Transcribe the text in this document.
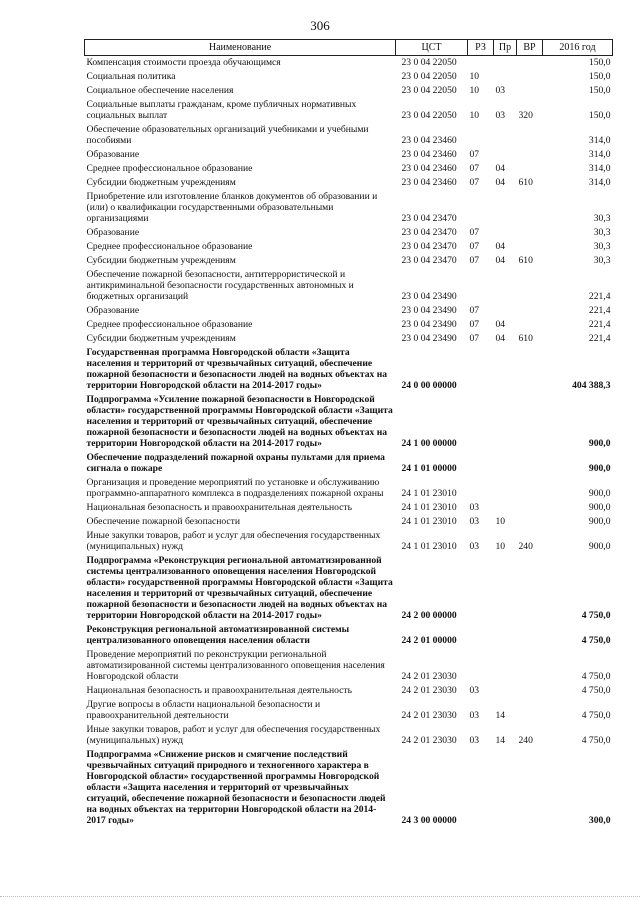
306
Наименование	ЦСТ	РЗ	Пр	ВР	2016 год
Компенсация стоимости проезда обучающимся	23 0 04 22050				150,0
Социальная политика	23 0 04 22050	10			150,0
Социальное обеспечение населения	23 0 04 22050	10	03		150,0
Социальные выплаты гражданам, кроме публичных нормативных социальных выплат	23 0 04 22050	10	03	320	150,0
Обеспечение образовательных организаций учебниками и учебными пособиями	23 0 04 23460				314,0
Образование	23 0 04 23460	07			314,0
Среднее профессиональное образование	23 0 04 23460	07	04		314,0
Субсидии бюджетным учреждениям	23 0 04 23460	07	04	610	314,0
Приобретение или изготовление бланков документов об образовании и (или) о квалификации государственными образовательными организациями	23 0 04 23470				30,3
Образование	23 0 04 23470	07			30,3
Среднее профессиональное образование	23 0 04 23470	07	04		30,3
Субсидии бюджетным учреждениям	23 0 04 23470	07	04	610	30,3
Обеспечение пожарной безопасности, антитеррористической и антикриминальной безопасности государственных автономных и бюджетных организаций	23 0 04 23490				221,4
Образование	23 0 04 23490	07			221,4
Среднее профессиональное образование	23 0 04 23490	07	04		221,4
Субсидии бюджетным учреждениям	23 0 04 23490	07	04	610	221,4
Государственная программа Новгородской области «Защита населения и территорий от чрезвычайных ситуаций, обеспечение пожарной безопасности и безопасности людей на водных объектах на территории Новгородской области на 2014-2017 годы»	24 0 00 00000				404 388,3
Подпрограмма «Усиление пожарной безопасности в Новгородской области» государственной программы Новгородской области «Защита населения и территорий от чрезвычайных ситуаций, обеспечение пожарной безопасности и безопасности людей на водных объектах на территории Новгородской области на 2014-2017 годы»	24 1 00 00000				900,0
Обеспечение подразделений пожарной охраны пультами для приема сигнала о пожаре	24 1 01 00000				900,0
Организация и проведение мероприятий по установке и обслуживанию программно-аппаратного комплекса в подразделениях пожарной охраны	24 1 01 23010				900,0
Национальная безопасность и правоохранительная деятельность	24 1 01 23010	03			900,0
Обеспечение пожарной безопасности	24 1 01 23010	03	10		900,0
Иные закупки товаров, работ и услуг для обеспечения государственных (муниципальных) нужд	24 1 01 23010	03	10	240	900,0
Подпрограмма «Реконструкция региональной автоматизированной системы централизованного оповещения населения Новгородской области» государственной программы Новгородской области «Защита населения и территорий от чрезвычайных ситуаций, обеспечение пожарной безопасности и безопасности людей на водных объектах на территории Новгородской области на 2014-2017 годы»	24 2 00 00000				4 750,0
Реконструкция региональной автоматизированной системы централизованного оповещения населения области	24 2 01 00000				4 750,0
Проведение мероприятий по реконструкции региональной автоматизированной системы централизованного оповещения населения Новгородской области	24 2 01 23030				4 750,0
Национальная безопасность и правоохранительная деятельность	24 2 01 23030	03			4 750,0
Другие вопросы в области национальной безопасности и правоохранительной деятельности	24 2 01 23030	03	14		4 750,0
Иные закупки товаров, работ и услуг для обеспечения государственных (муниципальных) нужд	24 2 01 23030	03	14	240	4 750,0
Подпрограмма «Снижение рисков и смягчение последствий чрезвычайных ситуаций природного и техногенного характера в Новгородской области» государственной программы Новгородской области «Защита населения и территорий от чрезвычайных ситуаций, обеспечение пожарной безопасности и безопасности людей на водных объектах на территории Новгородской области на 2014-2017 годы»	24 3 00 00000				300,0
